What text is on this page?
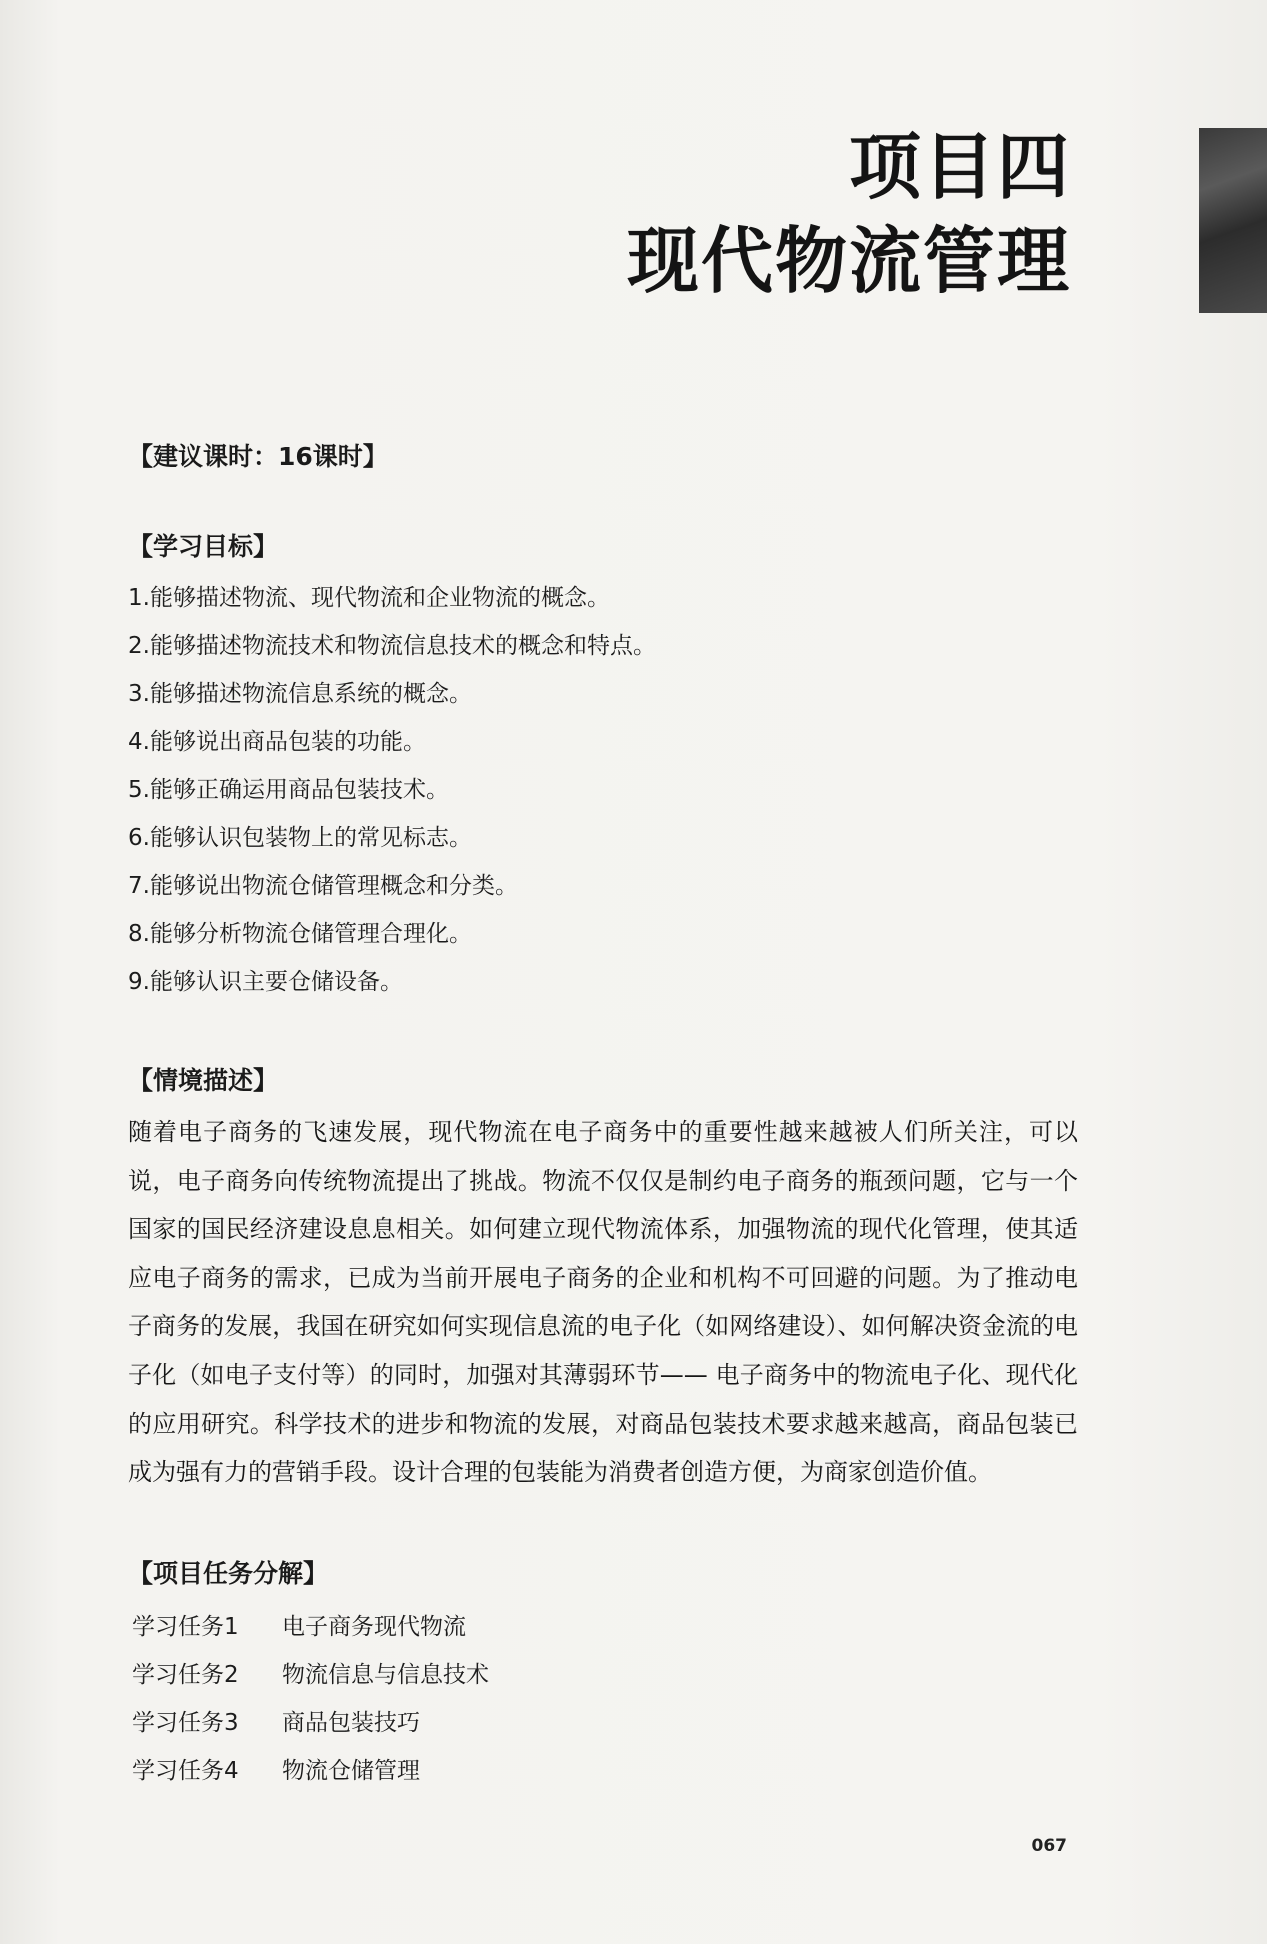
项目四
现代物流管理
【建议课时：16课时】
【学习目标】
1.能够描述物流、现代物流和企业物流的概念。
2.能够描述物流技术和物流信息技术的概念和特点。
3.能够描述物流信息系统的概念。
4.能够说出商品包装的功能。
5.能够正确运用商品包装技术。
6.能够认识包装物上的常见标志。
7.能够说出物流仓储管理概念和分类。
8.能够分析物流仓储管理合理化。
9.能够认识主要仓储设备。
【情境描述】

随着电子商务的飞速发展，现代物流在电子商务中的重要性越来越被人们所关注，可以说，电子商务向传统物流提出了挑战。物流不仅仅是制约电子商务的瓶颈问题，它与一个国家的国民经济建设息息相关。如何建立现代物流体系，加强物流的现代化管理，使其适应电子商务的需求，已成为当前开展电子商务的企业和机构不可回避的问题。为了推动电子商务的发展，我国在研究如何实现信息流的电子化（如网络建设）、如何解决资金流的电子化（如电子支付等）的同时，加强对其薄弱环节—— 电子商务中的物流电子化、现代化的应用研究。科学技术的进步和物流的发展，对商品包装技术要求越来越高，商品包装已成为强有力的营销手段。设计合理的包装能为消费者创造方便，为商家创造价值。

【项目任务分解】
学习任务1 电子商务现代物流
学习任务2 物流信息与信息技术
学习任务3 商品包装技巧
学习任务4 物流仓储管理
067
